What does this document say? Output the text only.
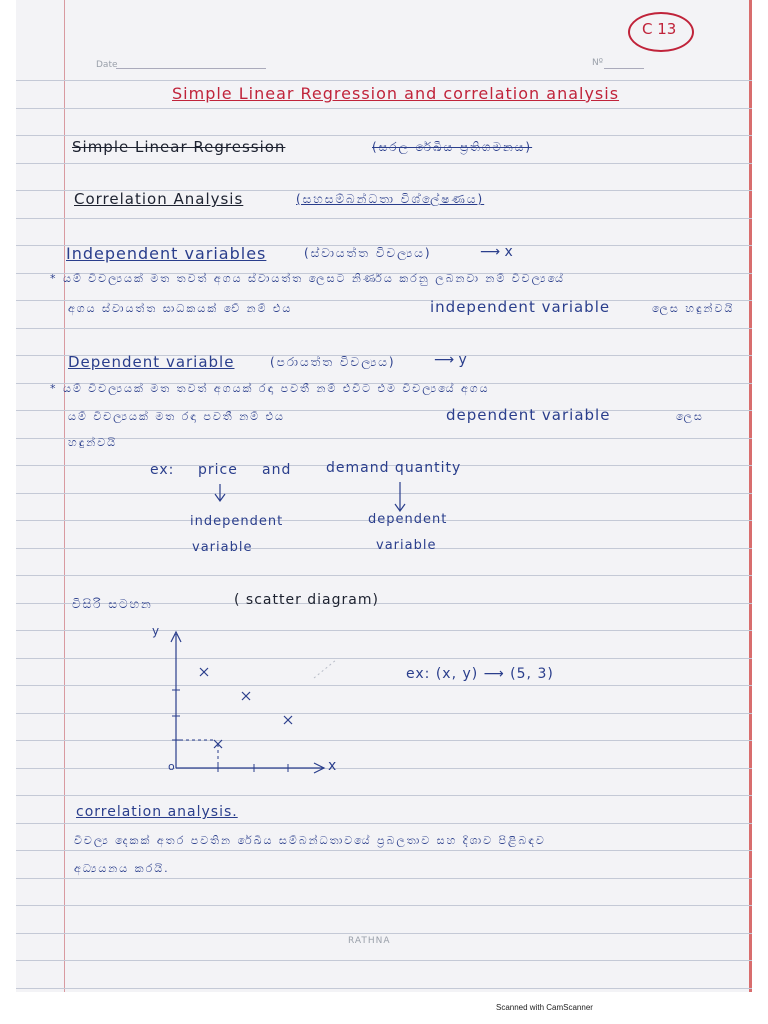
C 13
Date	Nº
Simple Linear Regression and correlation analysis
Simple Linear Regression	(සරල රේඛීය ප්‍රතිගමනය)
Correlation Analysis	(සහසම්බන්ධතා විශ්ලේෂණය)
Independent variables	(ස්වායත්ත විචල්‍යය)	⟶ x
* යම් විචල්‍යයක් මත තවත් අගය ස්වායත්ත ලෙසට නිර්ණය කරනු ලබනවා නම් විචල්‍යයේ
අගය ස්වායත්ත සාධකයක් වේ නම් එය	independent variable	ලෙස හඳුන්වයි
Dependent variable	(පරායත්ත විචල්‍යය)	⟶ y
* යම් විචල්‍යයක් මත තවත් අගයක් රඳා පවතී නම් එවිට එම විචල්‍යයේ අගය
යම් විචල්‍යයක් මත රඳා පවතී නම් එය	dependent variable	ලෙස
හඳුන්වයි
ex: price and demand quantity
independent
variable
dependent
variable
විසිරි සටහන	( scatter diagram)
y
x
o
ex: (x, y) ⟶ (5, 3)
correlation analysis.
විචල්‍ය දෙකක් අතර පවතින රේඛීය සම්බන්ධතාවයේ ප්‍රබලතාව සහ දිශාව පිළිබඳව
අධ්‍යයනය කරයි.
RATHNA
Scanned with CamScanner
